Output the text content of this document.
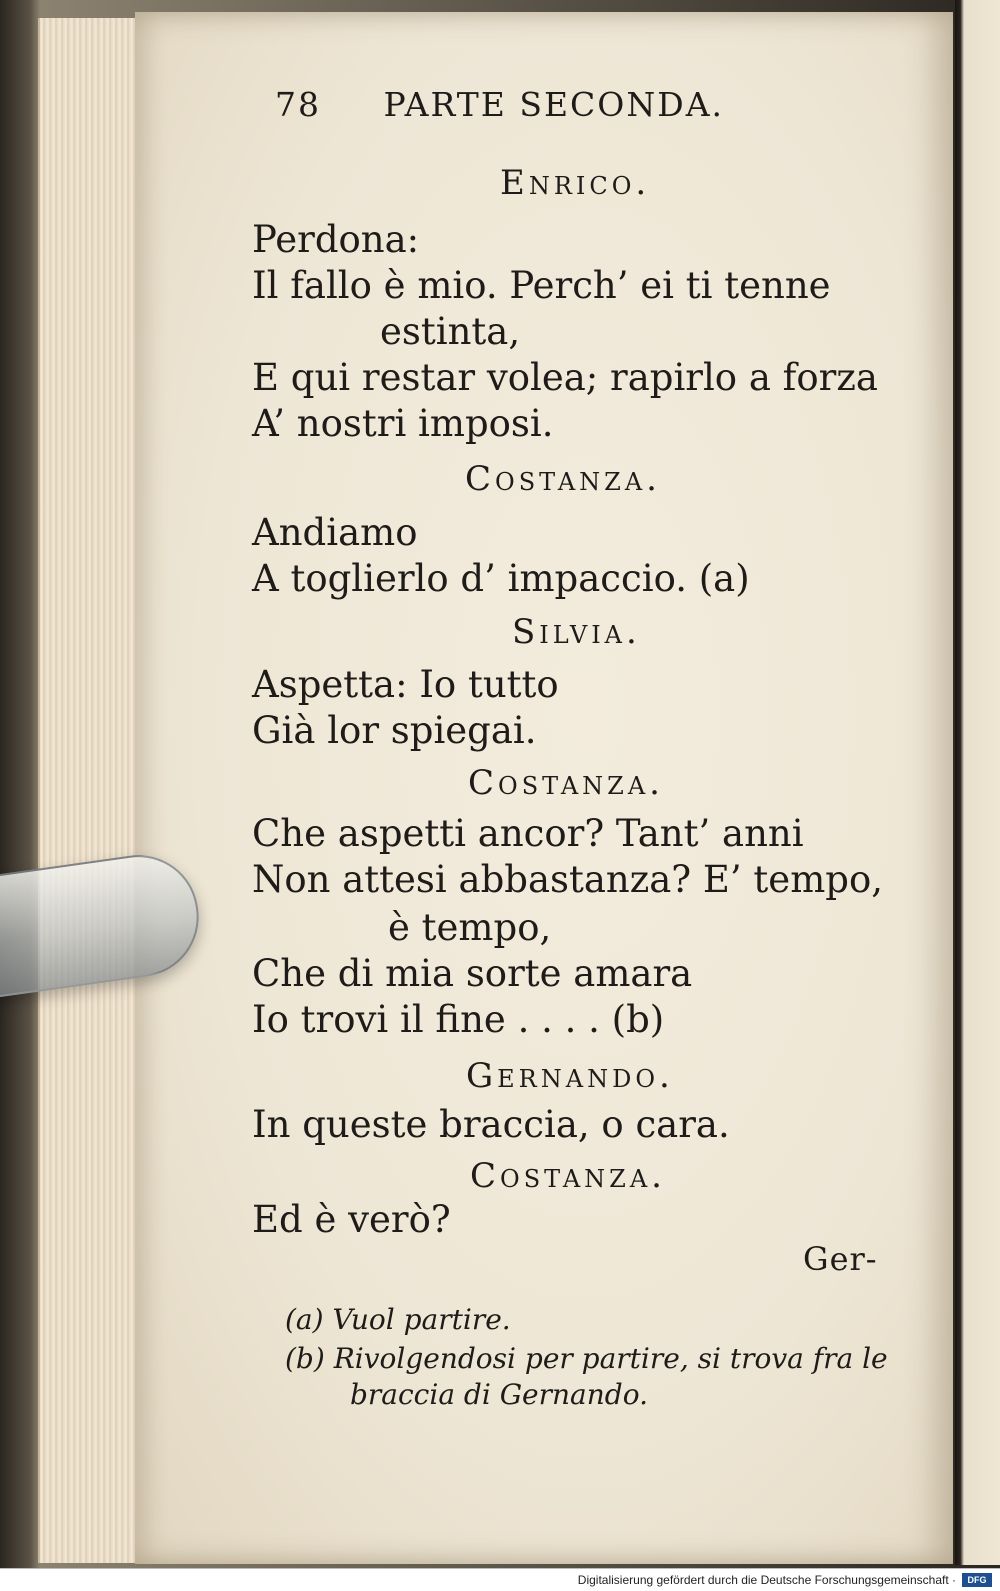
78 PARTE SECONDA.
Enrico.
Perdona:
Il fallo è mio. Perch’ ei ti tenne
estinta,
E qui restar volea; rapirlo a forza
A’ nostri imposi.
Costanza.
Andiamo
A toglierlo d’ impaccio. (a)
Silvia.
Aspetta: Io tutto
Già lor spiegai.
Costanza.
Che aspetti ancor? Tant’ anni
Non attesi abbastanza? E’ tempo,
è tempo,
Che di mia sorte amara
Io trovi il fine . . . . (b)
Gernando.
In queste braccia, o cara.
Costanza.
Ed è verò?
Ger-
(a) Vuol partire.
(b) Rivolgendosi per partire, si trova fra le
braccia di Gernando.
Digitalisierung gefördert durch die Deutsche Forschungsgemeinschaft ·	DFG
